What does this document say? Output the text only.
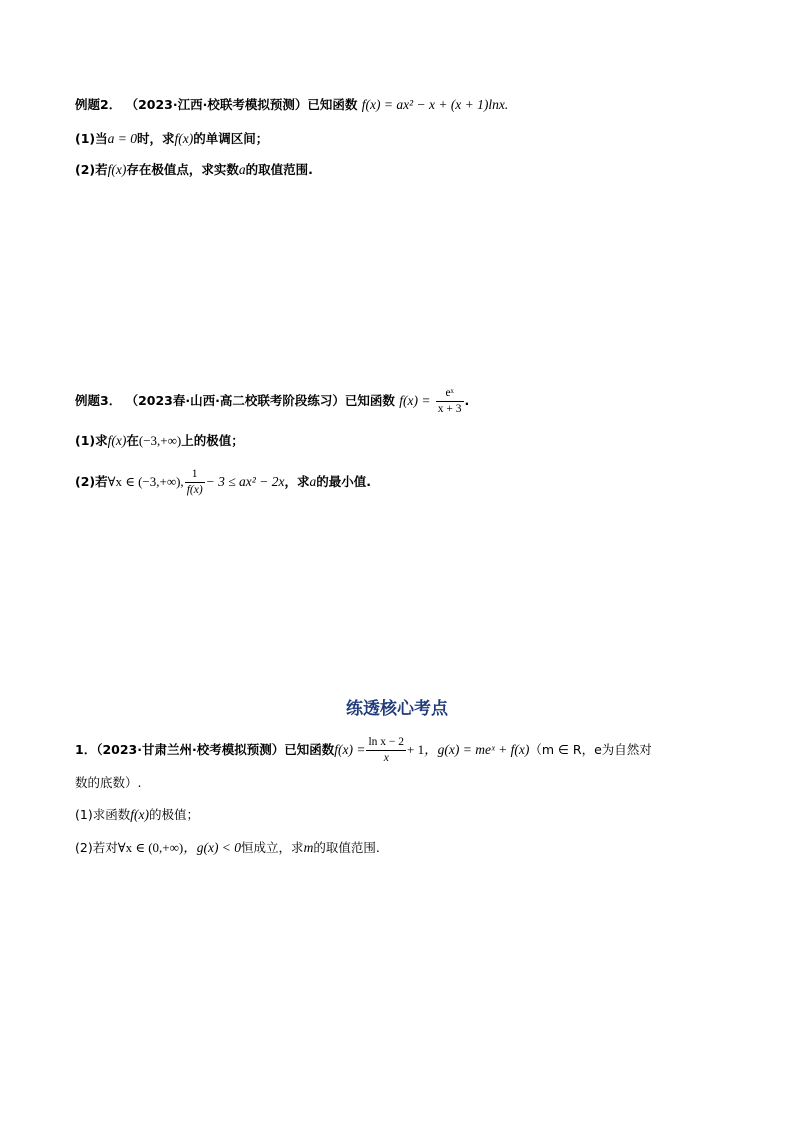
例题2． （2023·江西·校联考模拟预测）已知函数 f(x) = ax² − x + (x + 1)lnx.
(1)当a = 0时，求f(x)的单调区间；
(2)若f(x)存在极值点，求实数a的取值范围.
例题3． （2023春·山西·高二校联考阶段练习）已知函数 $f(x) = \frac{\text{eˣ}}{x + 3}$ .
(1)求f(x)在(−3,+∞)上的极值；
(2)若∀x ∈ (−3,+∞), $\frac{1}{f(x)} - 3 \le ax^2 - 2x$，求a的最小值.
练透核心考点
1．（2023·甘肃兰州·校考模拟预测）已知函数$f(x) = \frac{\text{ln x − 2}}{x} + 1$，g(x) = meˣ + f(x)（m ∈ R，e为自然对
数的底数）.
(1)求函数f(x)的极值；
(2)若对∀x ∈ (0,+∞)，g(x) < 0恒成立，求m的取值范围.
